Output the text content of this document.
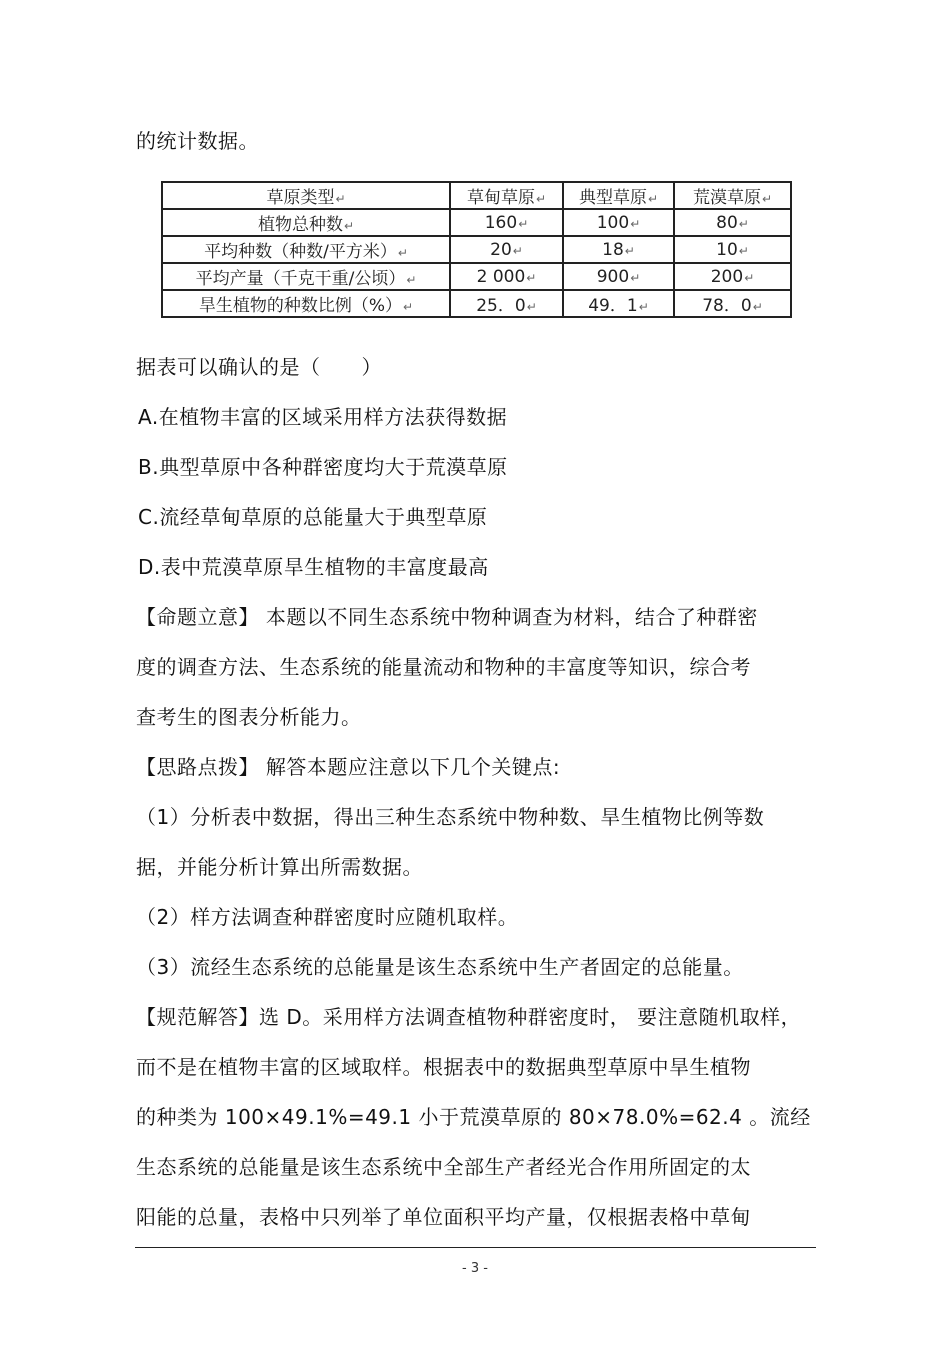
的统计数据。
草原类型↵	草甸草原↵	典型草原↵	荒漠草原↵
植物总种数↵	160↵	100↵	80↵
平均种数（种数/平方米）↵	20↵	18↵	10↵
平均产量（千克干重/公顷）↵	2 000↵	900↵	200↵
旱生植物的种数比例（%）↵	25．0↵	49．1↵	78．0↵
据表可以确认的是（　　）
A.在植物丰富的区域采用样方法获得数据
B.典型草原中各种群密度均大于荒漠草原
C.流经草甸草原的总能量大于典型草原
D.表中荒漠草原旱生植物的丰富度最高
【命题立意】 本题以不同生态系统中物种调查为材料，结合了种群密
度的调查方法、生态系统的能量流动和物种的丰富度等知识，综合考
查考生的图表分析能力。
【思路点拨】 解答本题应注意以下几个关键点:
（1）分析表中数据，得出三种生态系统中物种数、旱生植物比例等数
据，并能分析计算出所需数据。
（2）样方法调查种群密度时应随机取样。
（3）流经生态系统的总能量是该生态系统中生产者固定的总能量。
【规范解答】选 D。采用样方法调查植物种群密度时， 要注意随机取样，
而不是在植物丰富的区域取样。根据表中的数据典型草原中旱生植物
的种类为 100×49.1%=49.1 小于荒漠草原的 80×78.0%=62.4 。流经
生态系统的总能量是该生态系统中全部生产者经光合作用所固定的太
阳能的总量，表格中只列举了单位面积平均产量，仅根据表格中草甸
- 3 -
